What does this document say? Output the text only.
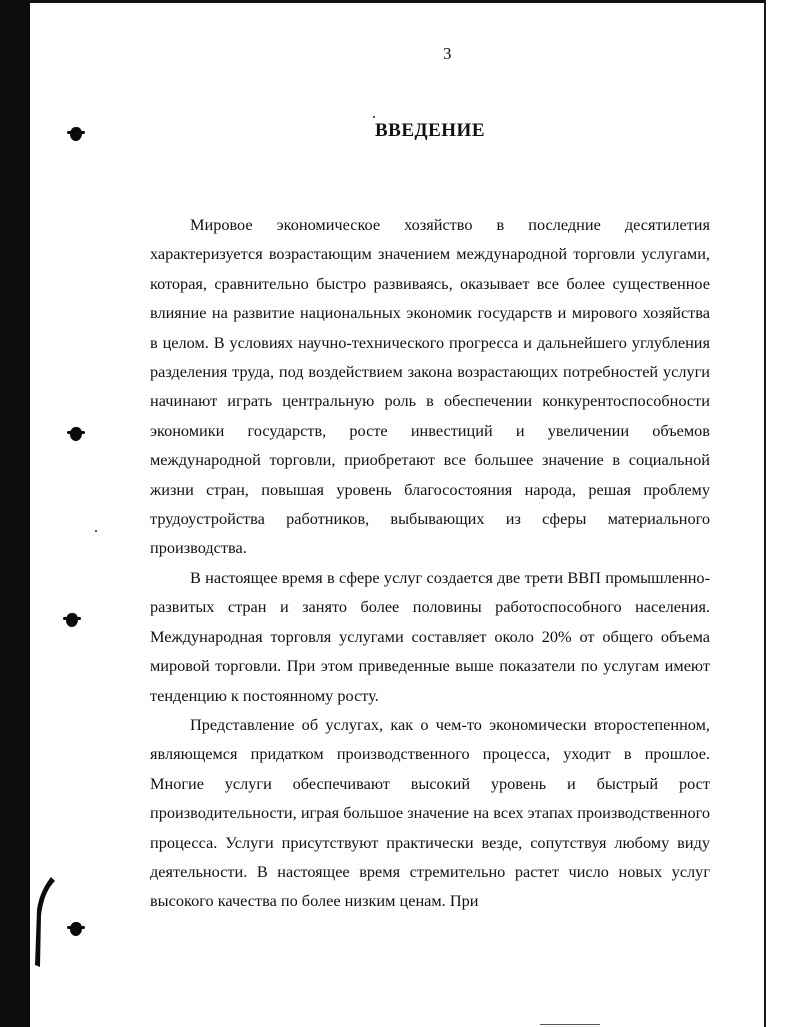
3
ВВЕДЕНИЕ

Мировое экономическое хозяйство в последние десятилетия характеризуется возрастающим значением международной торговли услугами, которая, сравнительно быстро развиваясь, оказывает все более существенное влияние на развитие национальных экономик государств и мирового хозяйства в целом. В условиях научно-технического прогресса и дальнейшего углубления разделения труда, под воздействием закона возрастающих потребностей услуги начинают играть центральную роль в обеспечении конкурентоспособности экономики государств, росте инвестиций и увеличении объемов международной торговли, приобретают все большее значение в социальной жизни стран, повышая уровень благосостояния народа, решая проблему трудоустройства работников, выбывающих из сферы материального производства.

В настоящее время в сфере услуг создается две трети ВВП промышленно-развитых стран и занято более половины работоспособного населения. Международная торговля услугами составляет около 20% от общего объема мировой торговли. При этом приведенные выше показатели по услугам имеют тенденцию к постоянному росту.

Представление об услугах, как о чем-то экономически второстепенном, являющемся придатком производственного процесса, уходит в прошлое. Многие услуги обеспечивают высокий уровень и быстрый рост производительности, играя большое значение на всех этапах производственного процесса. Услуги присутствуют практически везде, сопутствуя любому виду деятельности. В настоящее время стремительно растет число новых услуг высокого качества по более низким ценам. При
